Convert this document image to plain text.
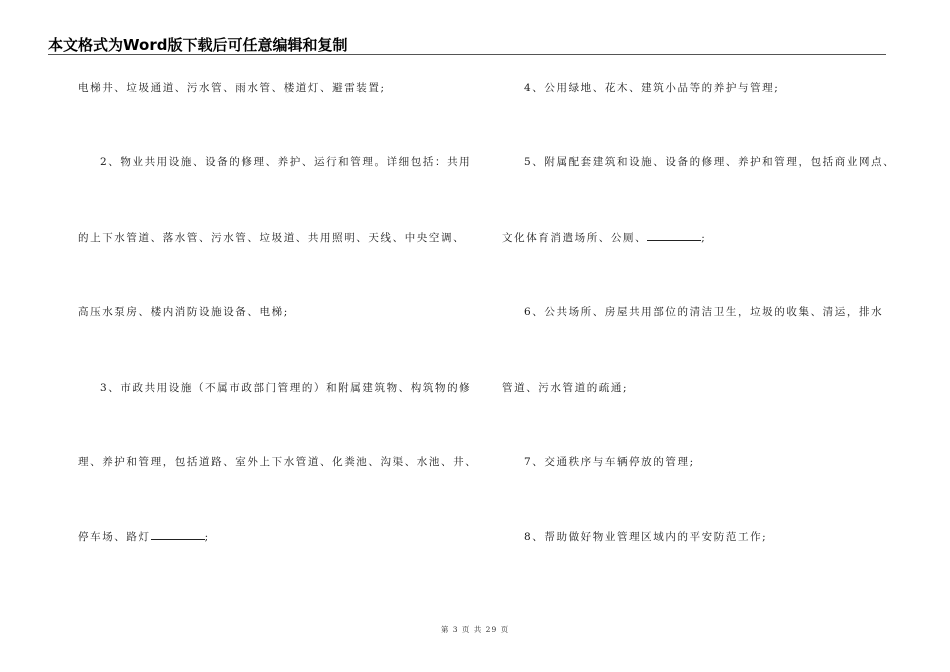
本文格式为Word版下载后可任意编辑和复制
电梯井、垃圾通道、污水管、雨水管、楼道灯、避雷装置;
2、物业共用设施、设备的修理、养护、运行和管理。详细包括：共用
的上下水管道、落水管、污水管、垃圾道、共用照明、天线、中央空调、
高压水泵房、楼内消防设施设备、电梯;
3、市政共用设施（不属市政部门管理的）和附属建筑物、构筑物的修
理、养护和管理，包括道路、室外上下水管道、化粪池、沟渠、水池、井、
停车场、路灯	;
4、公用绿地、花木、建筑小品等的养护与管理;
5、附属配套建筑和设施、设备的修理、养护和管理，包括商业网点、
文化体育消遣场所、公厕、	;
6、公共场所、房屋共用部位的清洁卫生，垃圾的收集、清运，排水
管道、污水管道的疏通;
7、交通秩序与车辆停放的管理;
8、帮助做好物业管理区域内的平安防范工作;
第 3 页 共 29 页
